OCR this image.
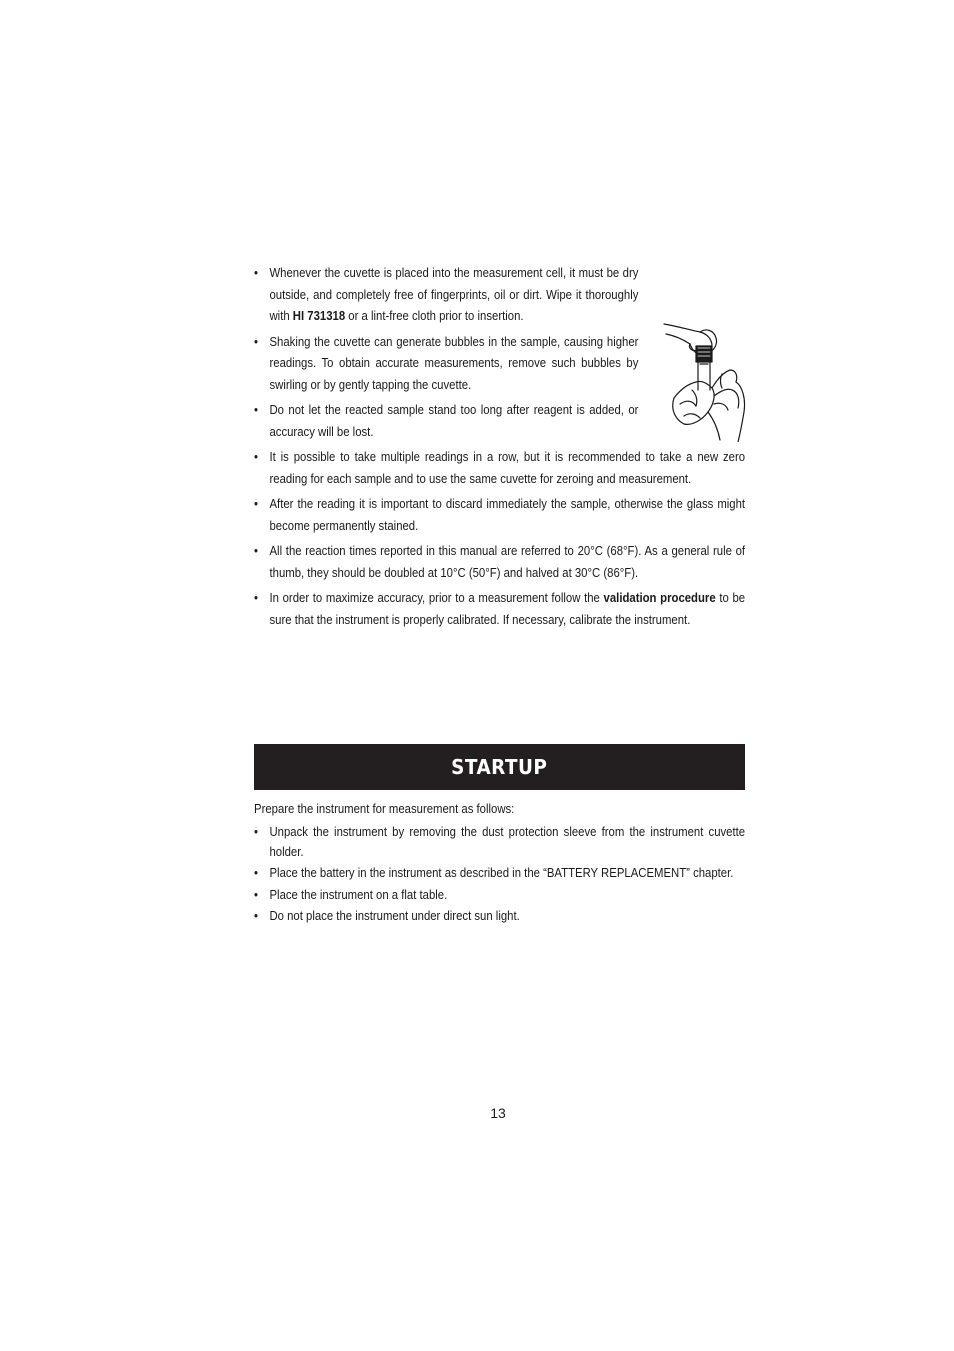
• Whenever the cuvette is placed into the measurement cell, it must be dry outside, and completely free of fingerprints, oil or dirt. Wipe it thoroughly with HI 731318 or a lint-free cloth prior to insertion.
• Shaking the cuvette can generate bubbles in the sample, causing higher readings. To obtain accurate measurements, remove such bubbles by swirling or by gently tapping the cuvette.
• Do not let the reacted sample stand too long after reagent is added, or accuracy will be lost.
• It is possible to take multiple readings in a row, but it is recommended to take a new zero reading for each sample and to use the same cuvette for zeroing and measurement.
• After the reading it is important to discard immediately the sample, otherwise the glass might become permanently stained.
• All the reaction times reported in this manual are referred to 20°C (68°F). As a general rule of thumb, they should be doubled at 10°C (50°F) and halved at 30°C (86°F).
• In order to maximize accuracy, prior to a measurement follow the validation procedure to be sure that the instrument is properly calibrated. If necessary, calibrate the instrument.
STARTUP

Prepare the instrument for measurement as follows:

• Unpack the instrument by removing the dust protection sleeve from the instrument cuvette holder.
• Place the battery in the instrument as described in the “BATTERY REPLACEMENT” chapter.
• Place the instrument on a flat table.
• Do not place the instrument under direct sun light.
13
